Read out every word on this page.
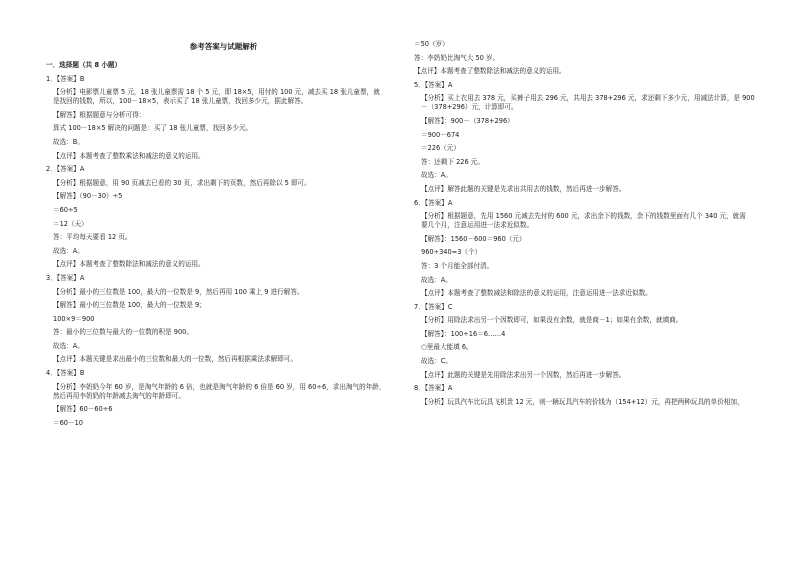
参考答案与试题解析
一．选择题（共 8 小题）
1．【答案】B
【分析】电影票儿童票 5 元，18 张儿童票需 18 个 5 元，即 18×5，用付的 100 元，减去买 18 张儿童票，就
是找回的钱数，所以，100－18×5，表示买了 18 张儿童票，找回多少元，据此解答。
【解答】根据题意与分析可得：
算式 100－18×5 解决的问题是：买了 18 张儿童票，找回多少元。
故选：B。
【点评】本题考查了整数乘法和减法的意义的运用。
2．【答案】A
【分析】根据题意，用 90 页减去已看的 30 页，求出剩下的页数，然后再除以 5 即可。
【解答】（90－30）÷5
＝60÷5
＝12（天）
答：平均每天要看 12 页。
故选：A。
【点评】本题考查了整数除法和减法的意义的运用。
3．【答案】A
【分析】最小的三位数是 100，最大的一位数是 9，然后再用 100 乘上 9 进行解答。
【解答】最小的三位数是 100，最大的一位数是 9；
100×9＝900
答：最小的三位数与最大的一位数的积是 900。
故选：A。
【点评】本题关键是求出最小的三位数和最大的一位数，然后再根据乘法求解即可。
4．【答案】B
【分析】李奶奶今年 60 岁，是淘气年龄的 6 倍，也就是淘气年龄的 6 倍是 60 岁，用 60÷6，求出淘气的年龄，
然后再用李奶奶的年龄减去淘气的年龄即可。
【解答】60－60÷6
＝60－10
＝50（岁）
答：李奶奶比淘气大 50 岁。
【点评】本题考查了整数除法和减法的意义的运用。
5．【答案】A
【分析】买上衣用去 378 元，买裤子用去 296 元，共用去 378+296 元，求还剩下多少元，用减法计算，是 900
－（378+296）元，计算即可。
【解答】：900－（378+296）
＝900－674
＝226（元）
答：还剩下 226 元。
故选：A。
【点评】解答此题的关键是先求出共用去的钱数，然后再进一步解答。
6．【答案】A
【分析】根据题意，先用 1560 元减去先付的 600 元，求出余下的钱数，余下的钱数里面有几个 340 元，就需
要几个月，注意运用进一法求近似数。
【解答】：1560－600＝960（元）
960÷340≈3（个）
答：3 个月能全部付清。
故选：A。
【点评】本题考查了整数减法和除法的意义的运用，注意运用进一法求近似数。
7．【答案】C
【分析】用除法求出另一个因数即可，如果没有余数，就是商－1；如果有余数，就填商。
【解答】：100÷16＝6……4
○里最大能填 6。
故选：C。
【点评】此题的关键是先用除法求出另一个因数，然后再进一步解答。
8．【答案】A
【分析】玩具汽车比玩具飞机贵 12 元，则一辆玩具汽车的价钱为（154+12）元，再把两种玩具的单价相加，
